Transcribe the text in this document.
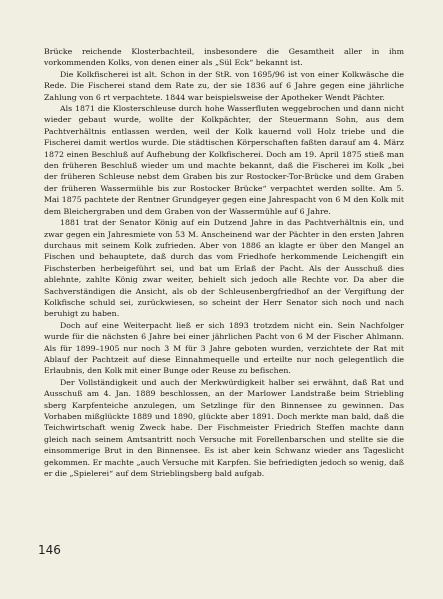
Brücke reichende Klosterbachteil, insbesondere die Gesamtheit aller in ihm vorkommenden Kolks, von denen einer als „Sül Eck“ bekannt ist.

Die Kolkfischerei ist alt. Schon in der StR. von 1695/96 ist von einer Kolkwäsche die Rede. Die Fischerei stand dem Rate zu, der sie 1836 auf 6 Jahre gegen eine jährliche Zahlung von 6 rt verpachtete. 1844 war beispielsweise der Apotheker Wendt Pächter.

Als 1871 die Klosterschleuse durch hohe Wasserfluten weggebrochen und dann nicht wieder gebaut wurde, wollte der Kolkpächter, der Steuermann Sohn, aus dem Pachtverhältnis entlassen werden, weil der Kolk kauernd voll Holz triebe und die Fischerei damit wertlos wurde. Die städtischen Körperschaften faßten darauf am 4. März 1872 einen Beschluß auf Aufhebung der Kolkfischerei. Doch am 19. April 1875 stieß man den früheren Beschluß wieder um und machte bekannt, daß die Fischerei im Kolk „bei der früheren Schleuse nebst dem Graben bis zur Rostocker-Tor-Brücke und dem Graben der früheren Wassermühle bis zur Rostocker Brücke“ verpachtet werden sollte. Am 5. Mai 1875 pachtete der Rentner Grundgeyer gegen eine Jahrespacht von 6 M den Kolk mit dem Bleichergraben und dem Graben von der Wassermühle auf 6 Jahre.

1881 trat der Senator König auf ein Dutzend Jahre in das Pachtverhältnis ein, und zwar gegen ein Jahresmiete von 53 M. Anscheinend war der Pächter in den ersten Jahren durchaus mit seinem Kolk zufrieden. Aber von 1886 an klagte er über den Mangel an Fischen und behauptete, daß durch das vom Friedhofe herkommende Leichengift ein Fischsterben herbeigeführt sei, und bat um Erlaß der Pacht. Als der Ausschuß dies ablehnte, zahlte König zwar weiter, behielt sich jedoch alle Rechte vor. Da aber die Sachverständigen die Ansicht, als ob der Schleusenbergfriedhof an der Vergiftung der Kolkfische schuld sei, zurückwiesen, so scheint der Herr Senator sich noch und nach beruhigt zu haben.

Doch auf eine Weiterpacht ließ er sich 1893 trotzdem nicht ein. Sein Nachfolger wurde für die nächsten 6 Jahre bei einer jährlichen Pacht von 6 M der Fischer Ahlmann. Als für 1899–1905 nur noch 3 M für 3 Jahre geboten wurden, verzichtete der Rat mit Ablauf der Pachtzeit auf diese Einnahmequelle und erteilte nur noch gelegentlich die Erlaubnis, den Kolk mit einer Bunge oder Reuse zu befischen.

Der Vollständigkeit und auch der Merkwürdigkeit halber sei erwähnt, daß Rat und Ausschuß am 4. Jan. 1889 beschlossen, an der Marlower Landstraße beim Striebling sberg Karpfenteiche anzulegen, um Setzlinge für den Binnensee zu gewinnen. Das Vorhaben mißglückte 1889 und 1890, glückte aber 1891. Doch merkte man bald, daß die Teichwirtschaft wenig Zweck habe. Der Fischmeister Friedrich Steffen machte dann gleich nach seinem Amtsantritt noch Versuche mit Forellenbarschen und stellte sie die einsommerige Brut in den Binnensee. Es ist aber kein Schwanz wieder ans Tageslicht gekommen. Er machte „auch Versuche mit Karpfen. Sie befriedigten jedoch so wenig, daß er die „Spielerei“ auf dem Strieblingsberg bald aufgab.

146
